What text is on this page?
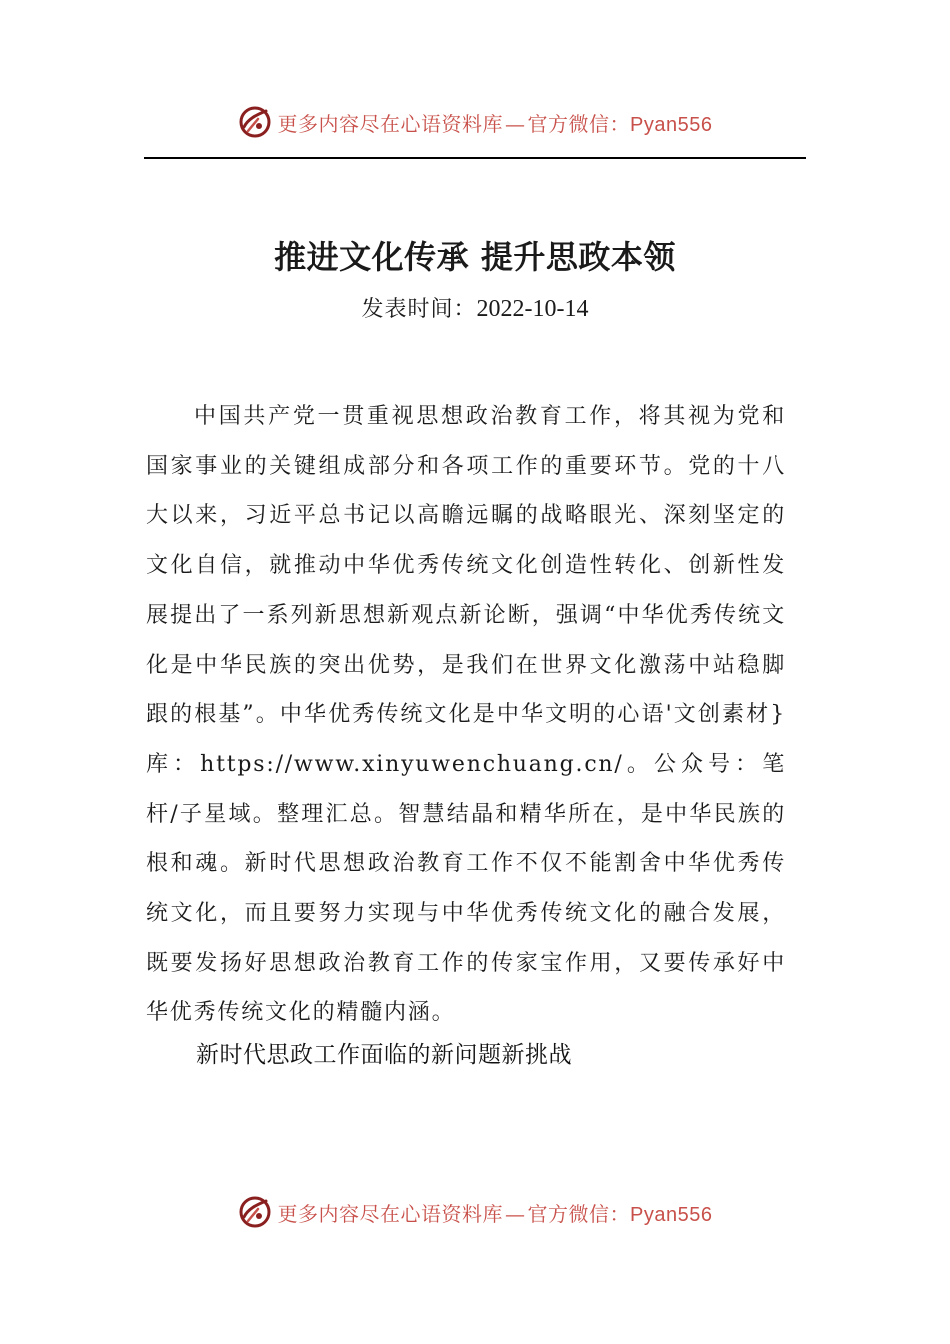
更多内容尽在心语资料库 — 官方微信：Pyan556
推进文化传承 提升思政本领
发表时间：2022-10-14

中国共产党一贯重视思想政治教育工作，将其视为党和国家事业的关键组成部分和各项工作的重要环节。党的十八大以来，习近平总书记以高瞻远瞩的战略眼光、深刻坚定的文化自信，就推动中华优秀传统文化创造性转化、创新性发展提出了一系列新思想新观点新论断，强调“中华优秀传统文化是中华民族的突出优势，是我们在世界文化激荡中站稳脚跟的根基”。中华优秀传统文化是中华文明的心语'文创素材}库：https://www.xinyuwenchuang.cn/。公众号：笔杆/子星域。整理汇总。智慧结晶和精华所在，是中华民族的根和魂。新时代思想政治教育工作不仅不能割舍中华优秀传统文化，而且要努力实现与中华优秀传统文化的融合发展，既要发扬好思想政治教育工作的传家宝作用，又要传承好中华优秀传统文化的精髓内涵。

新时代思政工作面临的新问题新挑战
更多内容尽在心语资料库 — 官方微信：Pyan556
